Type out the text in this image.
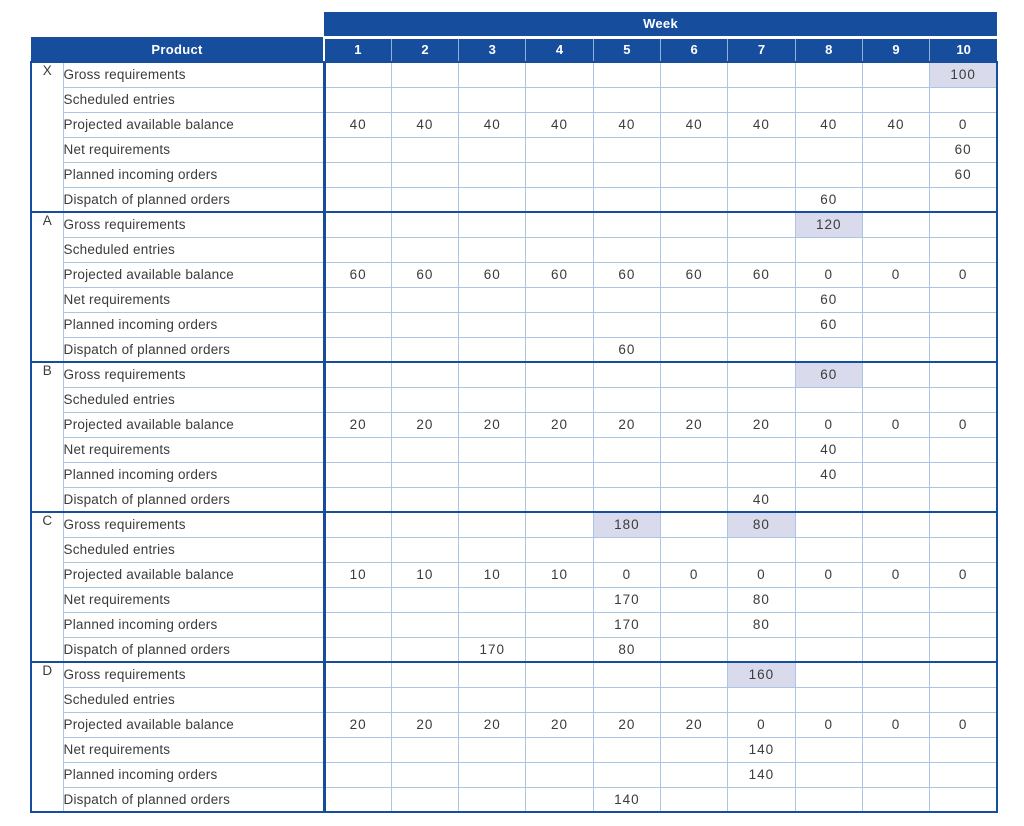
		Week									
Product		1	2	3	4	5	6	7	8	9	10
X	Gross requirements										100
	Scheduled entries										
	Projected available balance	40	40	40	40	40	40	40	40	40	0
	Net requirements										60
	Planned incoming orders										60
	Dispatch of planned orders								60		
A	Gross requirements								120		
	Scheduled entries										
	Projected available balance	60	60	60	60	60	60	60	0	0	0
	Net requirements								60		
	Planned incoming orders								60		
	Dispatch of planned orders					60					
B	Gross requirements								60		
	Scheduled entries										
	Projected available balance	20	20	20	20	20	20	20	0	0	0
	Net requirements								40		
	Planned incoming orders								40		
	Dispatch of planned orders							40			
C	Gross requirements					180		80			
	Scheduled entries										
	Projected available balance	10	10	10	10	0	0	0	0	0	0
	Net requirements					170		80			
	Planned incoming orders					170		80			
	Dispatch of planned orders			170		80					
D	Gross requirements							160			
	Scheduled entries										
	Projected available balance	20	20	20	20	20	20	0	0	0	0
	Net requirements							140			
	Planned incoming orders							140			
	Dispatch of planned orders					140					
